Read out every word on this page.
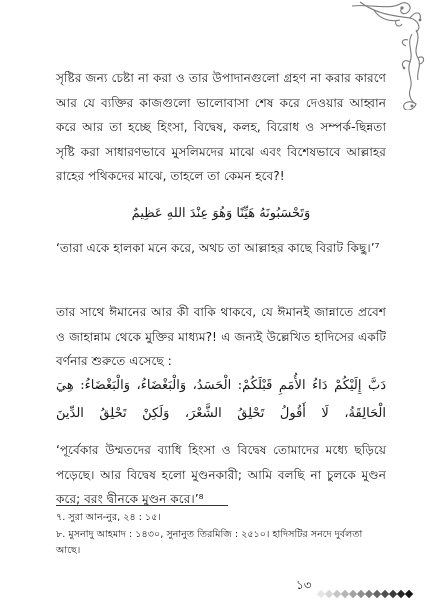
সৃষ্টির জন্য চেষ্টা না করা ও তার উপাদানগুলো গ্রহণ না করার কারণে আর যে ব্যক্তির কাজগুলো ভালোবাসা শেষ করে দেওয়ার আহ্বান করে আর তা হচ্ছে হিংসা, বিদ্বেষ, কলহ, বিরোধ ও সম্পর্ক-ছিন্নতা সৃষ্টি করা সাধারণভাবে মুসলিমদের মাঝে এবং বিশেষভাবে আল্লাহর রাহের পথিকদের মাঝে, তাহলে তা কেমন হবে?!

وَتَحْسَبُونَهُ هَيِّنًا وَهُوَ عِنْدَ اللهِ عَظِيمٌ

‘তারা একে হালকা মনে করে, অথচ তা আল্লাহর কাছে বিরাট কিছু।’⁷

তার সাথে ঈমানের আর কী বাকি থাকবে, যে ঈমানই জান্নাতে প্রবেশ ও জাহান্নাম থেকে মুক্তির মাধ্যম?! এ জন্যই উল্লেখিত হাদিসের একটি বর্ণনার শুরুতে এসেছে :

دَبَّ إِلَيْكُمْ دَاءُ الأُمَمِ قَبْلَكُمْ: الْحَسَدُ، وَالْبَغْضَاءُ، وَالْبَغْضَاءُ: هِيَ الْحَالِقَةُ، لَا أَقُولُ تَحْلِقُ الشَّعْرَ، وَلَكِنْ تَحْلِقُ الدِّينَ

‘পূর্বেকার উম্মতদের ব্যাধি হিংসা ও বিদ্বেষ তোমাদের মধ্যে ছড়িয়ে পড়েছে। আর বিদ্বেষ হলো মুণ্ডনকারী; আমি বলছি না চুলকে মুণ্ডন করে; বরং দ্বীনকে মুণ্ডন করে।’⁸

৭. সুরা আন-নুর, ২৪ : ১৫।

৮. মুসনাদু আহমাদ : ১৪৩০, সুনানুত তিরমিজি : ২৫১০। হাদিসটির সনদে দুর্বলতা আছে।

১৩
